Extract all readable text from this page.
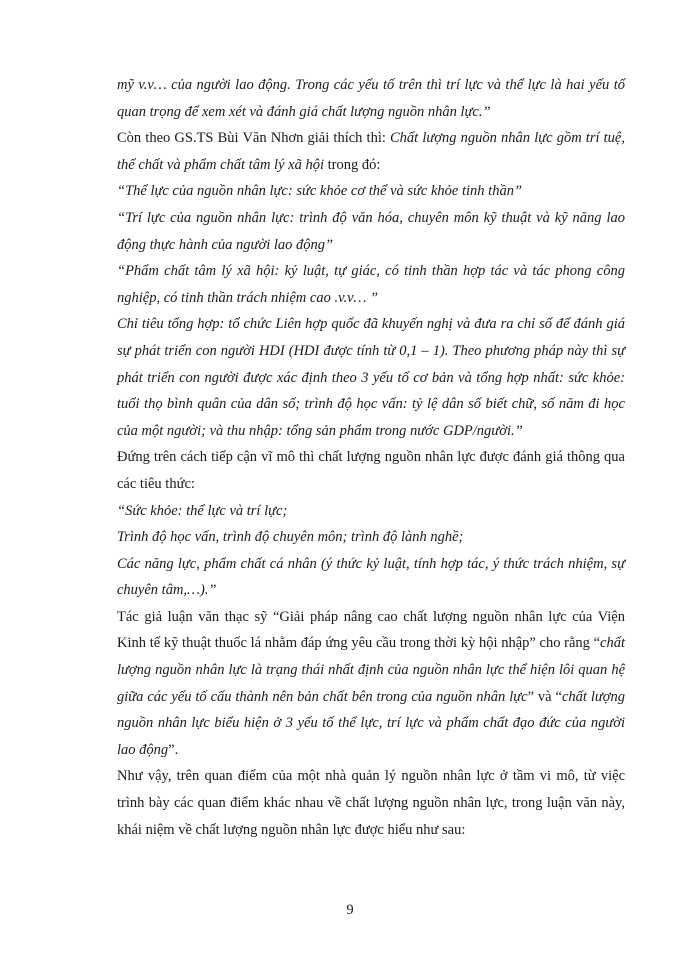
mỹ v.v… của người lao động. Trong các yếu tố trên thì trí lực và thể lực là hai yếu tố quan trọng để xem xét và đánh giá chất lượng nguồn nhân lực.”

Còn theo GS.TS Bùi Văn Nhơn giải thích thì: Chất lượng nguồn nhân lực gồm trí tuệ, thể chất và phẩm chất tâm lý xã hội trong đó:

“Thể lực của nguồn nhân lực: sức khỏe cơ thể và sức khỏe tinh thần”

“Trí lực của nguồn nhân lực: trình độ văn hóa, chuyên môn kỹ thuật và kỹ năng lao động thực hành của người lao động”

“Phẩm chất tâm lý xã hội: kỷ luật, tự giác, có tinh thần hợp tác và tác phong công nghiệp, có tinh thần trách nhiệm cao .v.v… ”

Chỉ tiêu tổng hợp: tổ chức Liên hợp quốc đã khuyến nghị và đưa ra chỉ số để đánh giá sự phát triển con người HDI (HDI được tính từ 0,1 – 1). Theo phương pháp này thì sự phát triển con người được xác định theo 3 yếu tố cơ bản và tổng hợp nhất: sức khỏe: tuổi thọ bình quân của dân số; trình độ học vấn: tỷ lệ dân số biết chữ, số năm đi học của một người; và thu nhập: tổng sản phẩm trong nước GDP/người.”

Đứng trên cách tiếp cận vĩ mô thì chất lượng nguồn nhân lực được đánh giá thông qua các tiêu thức:

“Sức khỏe: thể lực và trí lực;

Trình độ học vấn, trình độ chuyên môn; trình độ lành nghề;

Các năng lực, phẩm chất cá nhân (ý thức kỷ luật, tính hợp tác, ý thức trách nhiệm, sự chuyên tâm,…).”

Tác giả luận văn thạc sỹ “Giải pháp nâng cao chất lượng nguồn nhân lực của Viện Kinh tế kỹ thuật thuốc lá nhằm đáp ứng yêu cầu trong thời kỳ hội nhập” cho rằng “chất lượng nguồn nhân lực là trạng thái nhất định của nguồn nhân lực thể hiện lôi quan hệ giữa các yếu tố cấu thành nên bản chất bên trong của nguồn nhân lực” và “chất lượng nguồn nhân lực biểu hiện ở 3 yếu tố thể lực, trí lực và phẩm chất đạo đức của người lao động”.

Như vậy, trên quan điểm của một nhà quản lý nguồn nhân lực ở tầm vi mô, từ việc trình bày các quan điểm khác nhau về chất lượng nguồn nhân lực, trong luận văn này, khái niệm về chất lượng nguồn nhân lực được hiểu như sau:

9
